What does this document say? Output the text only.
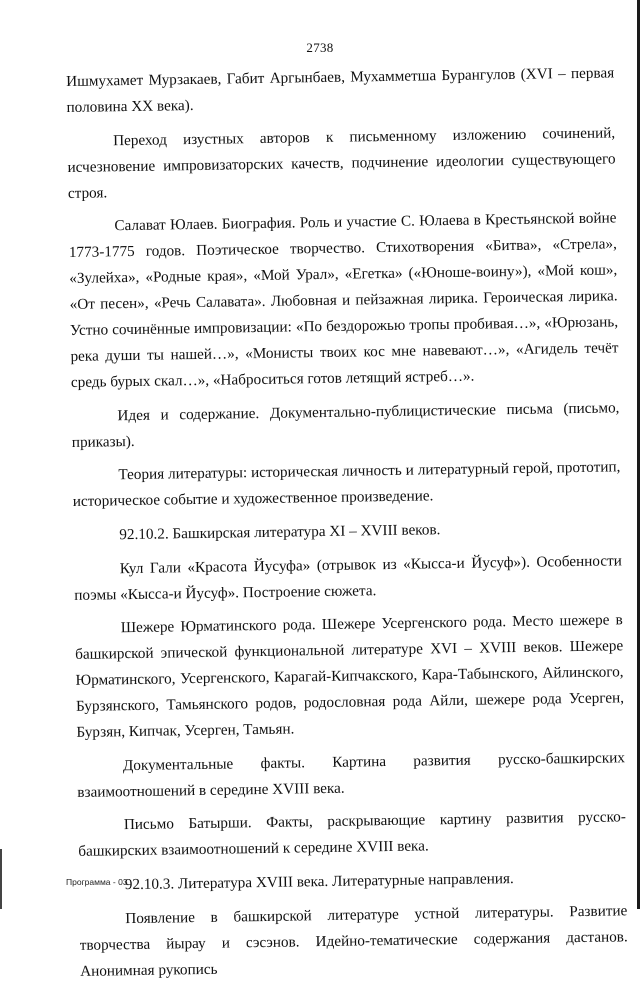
2738

Ишмухамет Мурзакаев, Габит Аргынбаев, Мухамметша Бурангулов (XVI – первая половина XX века).

Переход изустных авторов к письменному изложению сочинений, исчезновение импровизаторских качеств, подчинение идеологии существующего строя.

Салават Юлаев. Биография. Роль и участие С. Юлаева в Крестьянской войне 1773-1775 годов. Поэтическое творчество. Стихотворения «Битва», «Стрела», «Зулейха», «Родные края», «Мой Урал», «Егетка» («Юноше-воину»), «Мой кош», «От песен», «Речь Салавата». Любовная и пейзажная лирика. Героическая лирика. Устно сочинённые импровизации: «По бездорожью тропы пробивая…», «Юрюзань, река души ты нашей…», «Мониcты твоих кос мне навевают…», «Агидель течёт средь бурых скал…», «Наброситься готов летящий ястреб…».

Идея и содержание. Документально-публицистические письма (письмо, приказы).

Теория литературы: историческая личность и литературный герой, прототип, историческое событие и художественное произведение.

92.10.2. Башкирская литература XI – XVIII веков.

Кул Гали «Красота Йусуфа» (отрывок из «Кысса-и Йусуф»). Особенности поэмы «Кысса-и Йусуф». Построение сюжета.

Шежере Юрматинского рода. Шежере Усергенского рода. Место шежере в башкирской эпической функциональной литературе XVI – XVIII веков. Шежере Юрматинского, Усергенского, Карагай-Кипчакского, Кара-Табынского, Айлинского, Бурзянского, Тамьянского родов, родословная рода Айли, шежере рода Усерген, Бурзян, Кипчак, Усерген, Тамьян.

Документальные факты. Картина развития русско-башкирских взаимоотношений в середине XVIII века.

Письмо Батырши. Факты, раскрывающие картину развития русско-башкирских взаимоотношений к середине XVIII века.

92.10.3. Литература XVIII века. Литературные направления.

Появление в башкирской литературе устной литературы. Развитие творчества йырау и сэсэнов. Идейно-тематические содержания дастанов. Анонимная рукопись

Программа - 03
